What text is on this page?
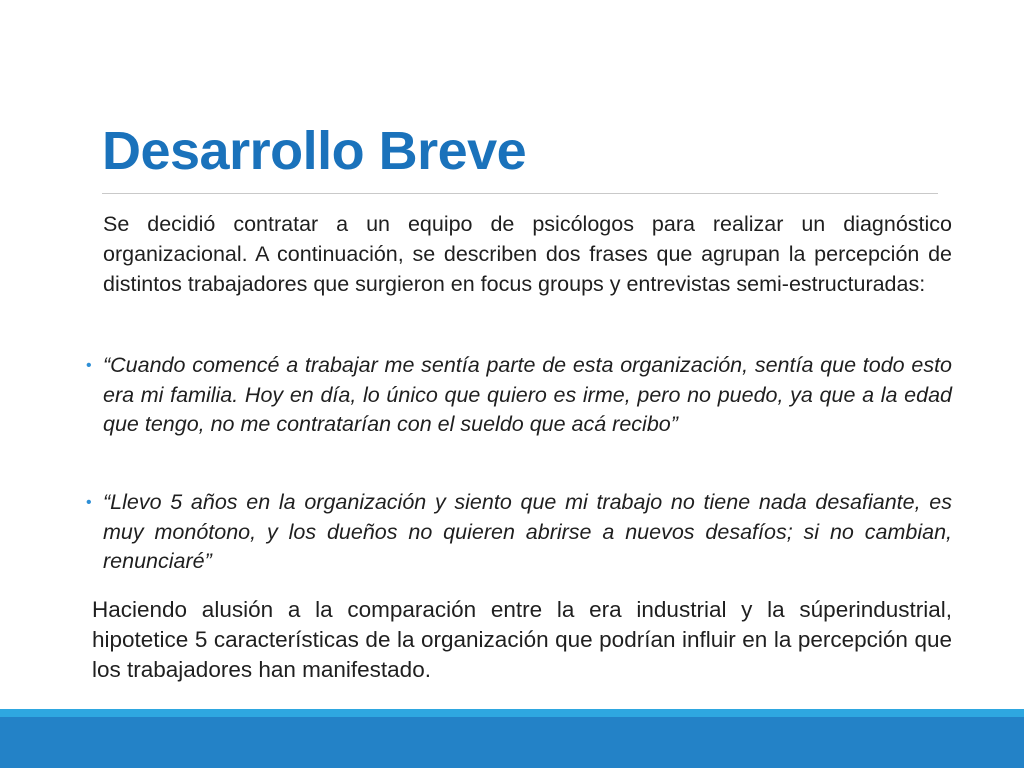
Desarrollo Breve

Se decidió contratar a un equipo de psicólogos para realizar un diagnóstico organizacional. A continuación, se describen dos frases que agrupan la percepción de distintos trabajadores que surgieron en focus groups y entrevistas semi-estructuradas:

• “Cuando comencé a trabajar me sentía parte de esta organización, sentía que todo esto era mi familia. Hoy en día, lo único que quiero es irme, pero no puedo, ya que a la edad que tengo, no me contratarían con el sueldo que acá recibo”

• “Llevo 5 años en la organización y siento que mi trabajo no tiene nada desafiante, es muy monótono, y los dueños no quieren abrirse a nuevos desafíos; si no cambian, renunciaré”

Haciendo alusión a la comparación entre la era industrial y la súperindustrial, hipotetice 5 características de la organización que podrían influir en la percepción que los trabajadores han manifestado.
